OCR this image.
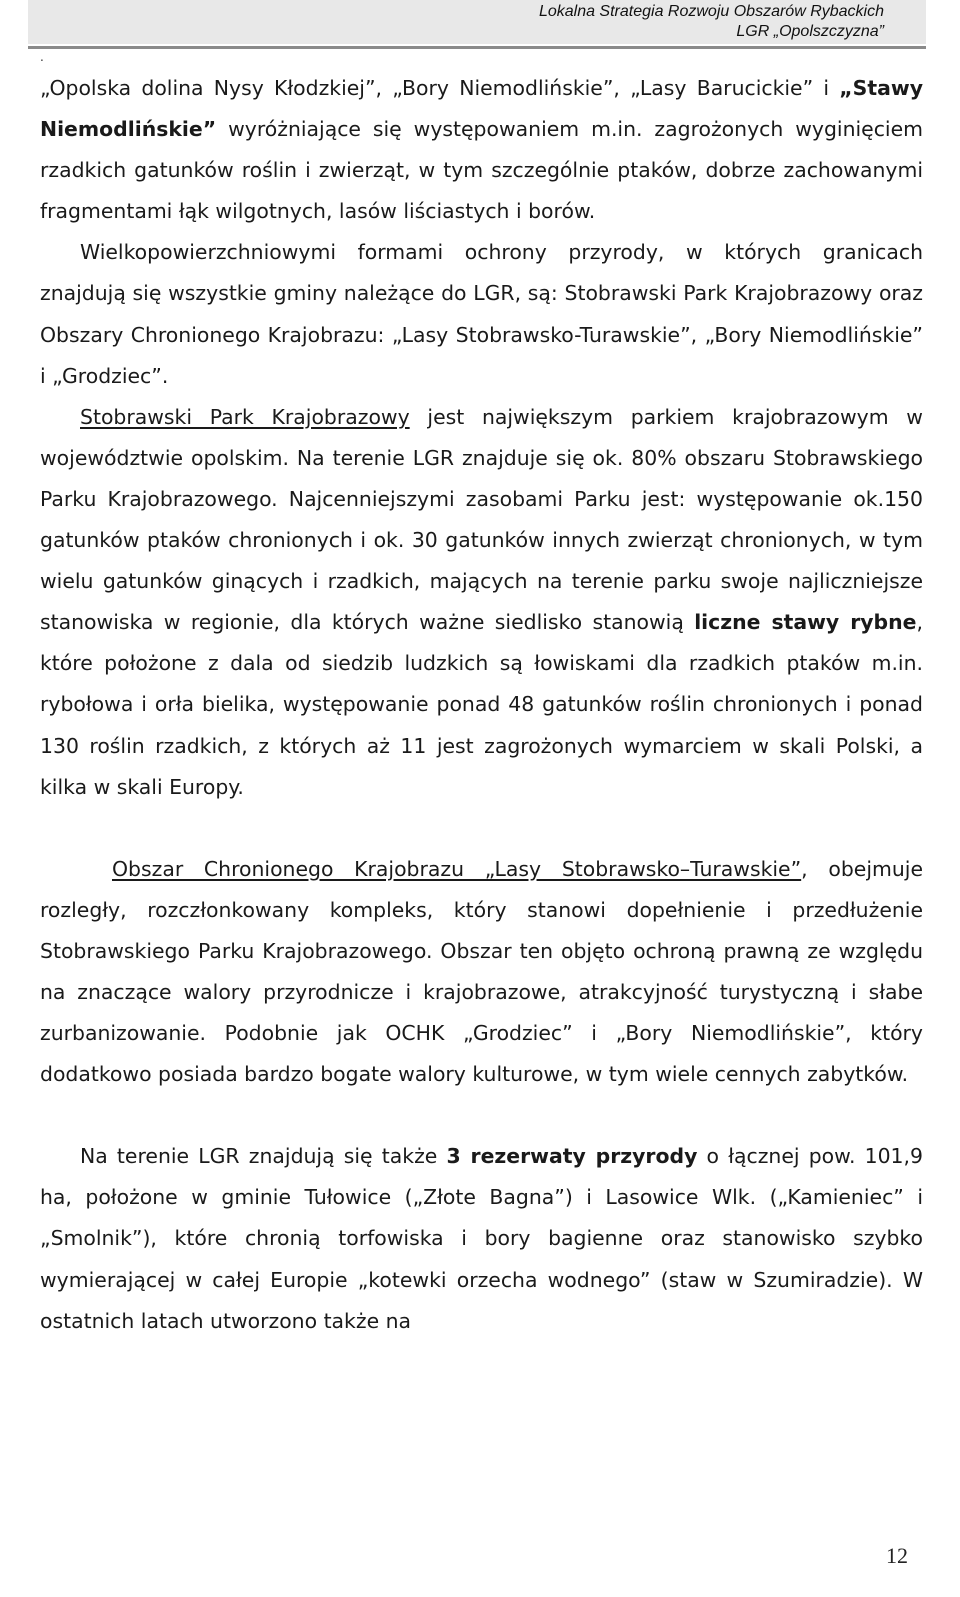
Lokalna Strategia Rozwoju Obszarów Rybackich
LGR „Opolszczyzna”
.

„Opolska dolina Nysy Kłodzkiej”, „Bory Niemodlińskie”, „Lasy Barucickie” i „Stawy Niemodlińskie” wyróżniające się występowaniem m.in. zagrożonych wyginięciem rzadkich gatunków roślin i zwierząt, w tym szczególnie ptaków, dobrze zachowanymi fragmentami łąk wilgotnych, lasów liściastych i borów.

Wielkopowierzchniowymi formami ochrony przyrody, w których granicach znajdują się wszystkie gminy należące do LGR, są: Stobrawski Park Krajobrazowy oraz Obszary Chronionego Krajobrazu: „Lasy Stobrawsko-Turawskie”, „Bory Niemodlińskie” i „Grodziec”.

Stobrawski Park Krajobrazowy jest największym parkiem krajobrazowym w województwie opolskim. Na terenie LGR znajduje się ok. 80% obszaru Stobrawskiego Parku Krajobrazowego. Najcenniejszymi zasobami Parku jest: występowanie ok.150 gatunków ptaków chronionych i ok. 30 gatunków innych zwierząt chronionych, w tym wielu gatunków ginących i rzadkich, mających na terenie parku swoje najliczniejsze stanowiska w regionie, dla których ważne siedlisko stanowią liczne stawy rybne, które położone z dala od siedzib ludzkich są łowiskami dla rzadkich ptaków m.in. rybołowa i orła bielika, występowanie ponad 48 gatunków roślin chronionych i ponad 130 roślin rzadkich, z których aż 11 jest zagrożonych wymarciem w skali Polski, a kilka w skali Europy.

Obszar Chronionego Krajobrazu „Lasy Stobrawsko–Turawskie”, obejmuje rozległy, rozczłonkowany kompleks, który stanowi dopełnienie i przedłużenie Stobrawskiego Parku Krajobrazowego. Obszar ten objęto ochroną prawną ze względu na znaczące walory przyrodnicze i krajobrazowe, atrakcyjność turystyczną i słabe zurbanizowanie. Podobnie jak OCHK „Grodziec” i „Bory Niemodlińskie”, który dodatkowo posiada bardzo bogate walory kulturowe, w tym wiele cennych zabytków.

Na terenie LGR znajdują się także 3 rezerwaty przyrody o łącznej pow. 101,9 ha, położone w gminie Tułowice („Złote Bagna”) i Lasowice Wlk. („Kamieniec” i „Smolnik”), które chronią torfowiska i bory bagienne oraz stanowisko szybko wymierającej w całej Europie „kotewki orzecha wodnego” (staw w Szumiradzie). W ostatnich latach utworzono także na

12
